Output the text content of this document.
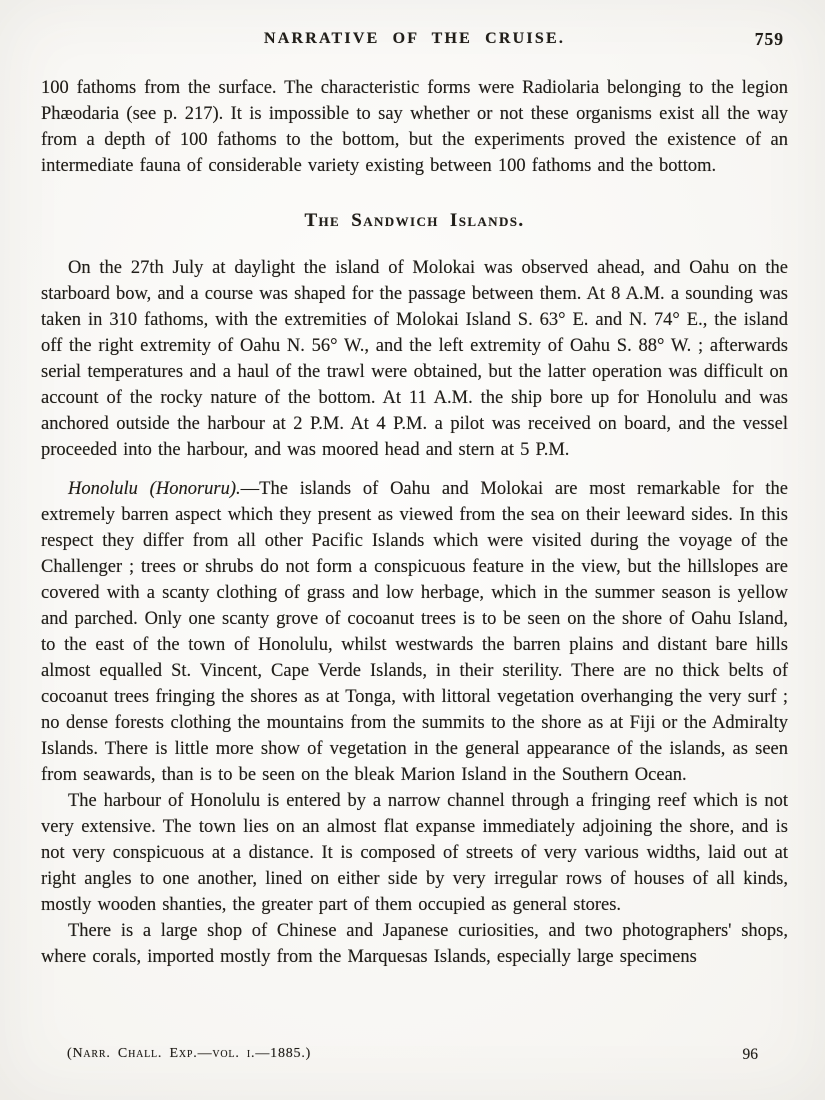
NARRATIVE OF THE CRUISE.	759

100 fathoms from the surface. The characteristic forms were Radiolaria belonging to the legion Phæodaria (see p. 217). It is impossible to say whether or not these organisms exist all the way from a depth of 100 fathoms to the bottom, but the experiments proved the existence of an intermediate fauna of considerable variety existing between 100 fathoms and the bottom.

The Sandwich Islands.

On the 27th July at daylight the island of Molokai was observed ahead, and Oahu on the starboard bow, and a course was shaped for the passage between them. At 8 A.M. a sounding was taken in 310 fathoms, with the extremities of Molokai Island S. 63° E. and N. 74° E., the island off the right extremity of Oahu N. 56° W., and the left extremity of Oahu S. 88° W. ; afterwards serial temperatures and a haul of the trawl were obtained, but the latter operation was difficult on account of the rocky nature of the bottom. At 11 A.M. the ship bore up for Honolulu and was anchored outside the harbour at 2 P.M. At 4 P.M. a pilot was received on board, and the vessel proceeded into the harbour, and was moored head and stern at 5 P.M.

Honolulu (Honoruru).—The islands of Oahu and Molokai are most remarkable for the extremely barren aspect which they present as viewed from the sea on their leeward sides. In this respect they differ from all other Pacific Islands which were visited during the voyage of the Challenger ; trees or shrubs do not form a conspicuous feature in the view, but the hillslopes are covered with a scanty clothing of grass and low herbage, which in the summer season is yellow and parched. Only one scanty grove of cocoanut trees is to be seen on the shore of Oahu Island, to the east of the town of Honolulu, whilst westwards the barren plains and distant bare hills almost equalled St. Vincent, Cape Verde Islands, in their sterility. There are no thick belts of cocoanut trees fringing the shores as at Tonga, with littoral vegetation overhanging the very surf ; no dense forests clothing the mountains from the summits to the shore as at Fiji or the Admiralty Islands. There is little more show of vegetation in the general appearance of the islands, as seen from seawards, than is to be seen on the bleak Marion Island in the Southern Ocean.

The harbour of Honolulu is entered by a narrow channel through a fringing reef which is not very extensive. The town lies on an almost flat expanse immediately adjoining the shore, and is not very conspicuous at a distance. It is composed of streets of very various widths, laid out at right angles to one another, lined on either side by very irregular rows of houses of all kinds, mostly wooden shanties, the greater part of them occupied as general stores.

There is a large shop of Chinese and Japanese curiosities, and two photographers' shops, where corals, imported mostly from the Marquesas Islands, especially large specimens

(Narr. Chall. Exp.—vol. i.—1885.)	96
